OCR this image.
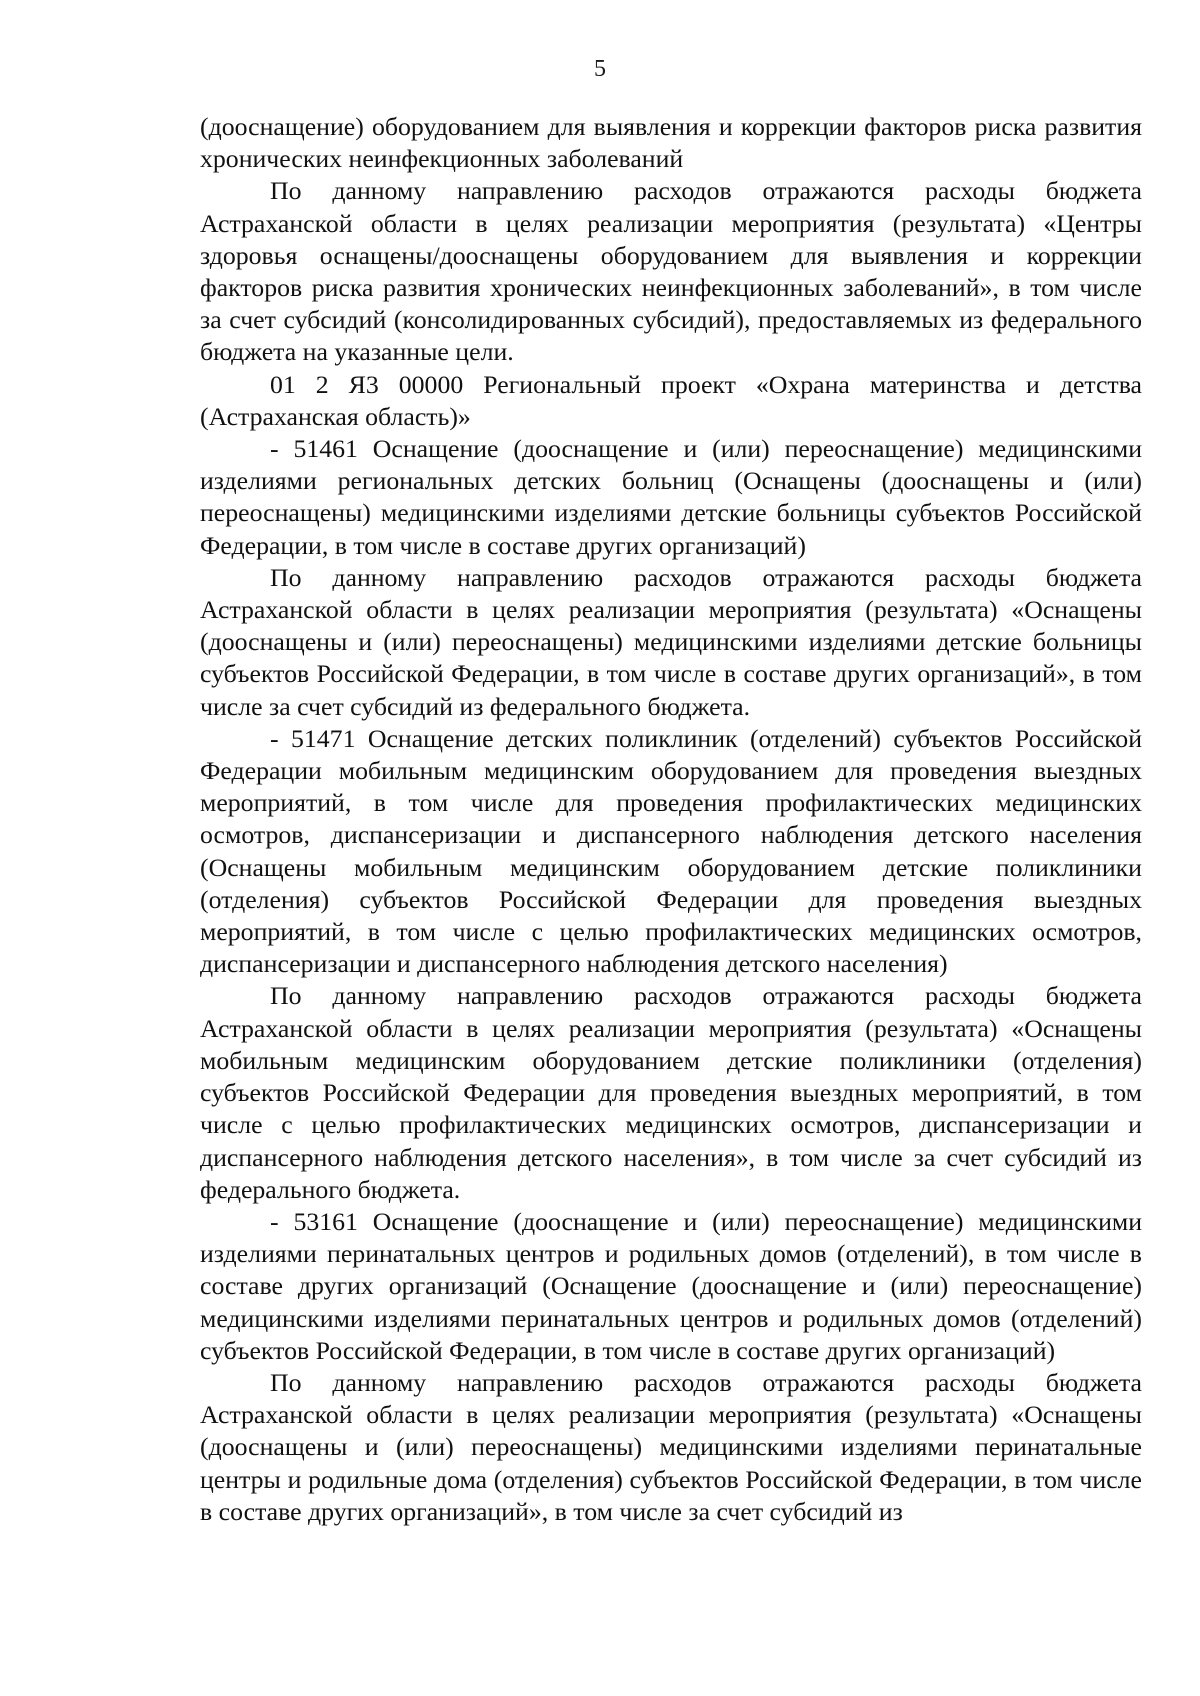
5

(дооснащение) оборудованием для выявления и коррекции факторов риска развития хронических неинфекционных заболеваний

По данному направлению расходов отражаются расходы бюджета Астраханской области в целях реализации мероприятия (результата) «Центры здоровья оснащены/дооснащены оборудованием для выявления и коррекции факторов риска развития хронических неинфекционных заболеваний», в том числе за счет субсидий (консолидированных субсидий), предоставляемых из федерального бюджета на указанные цели.

01 2 Я3 00000 Региональный проект «Охрана материнства и детства (Астраханская область)»

- 51461 Оснащение (дооснащение и (или) переоснащение) медицинскими изделиями региональных детских больниц (Оснащены (дооснащены и (или) переоснащены) медицинскими изделиями детские больницы субъектов Российской Федерации, в том числе в составе других организаций)

По данному направлению расходов отражаются расходы бюджета Астраханской области в целях реализации мероприятия (результата) «Оснащены (дооснащены и (или) переоснащены) медицинскими изделиями детские больницы субъектов Российской Федерации, в том числе в составе других организаций», в том числе за счет субсидий из федерального бюджета.

- 51471 Оснащение детских поликлиник (отделений) субъектов Российской Федерации мобильным медицинским оборудованием для проведения выездных мероприятий, в том числе для проведения профилактических медицинских осмотров, диспансеризации и диспансерного наблюдения детского населения (Оснащены мобильным медицинским оборудованием детские поликлиники (отделения) субъектов Российской Федерации для проведения выездных мероприятий, в том числе с целью профилактических медицинских осмотров, диспансеризации и диспансерного наблюдения детского населения)

По данному направлению расходов отражаются расходы бюджета Астраханской области в целях реализации мероприятия (результата) «Оснащены мобильным медицинским оборудованием детские поликлиники (отделения) субъектов Российской Федерации для проведения выездных мероприятий, в том числе с целью профилактических медицинских осмотров, диспансеризации и диспансерного наблюдения детского населения», в том числе за счет субсидий из федерального бюджета.

- 53161 Оснащение (дооснащение и (или) переоснащение) медицинскими изделиями перинатальных центров и родильных домов (отделений), в том числе в составе других организаций (Оснащение (дооснащение и (или) переоснащение) медицинскими изделиями перинатальных центров и родильных домов (отделений) субъектов Российской Федерации, в том числе в составе других организаций)

По данному направлению расходов отражаются расходы бюджета Астраханской области в целях реализации мероприятия (результата) «Оснащены (дооснащены и (или) переоснащены) медицинскими изделиями перинатальные центры и родильные дома (отделения) субъектов Российской Федерации, в том числе в составе других организаций», в том числе за счет субсидий из
